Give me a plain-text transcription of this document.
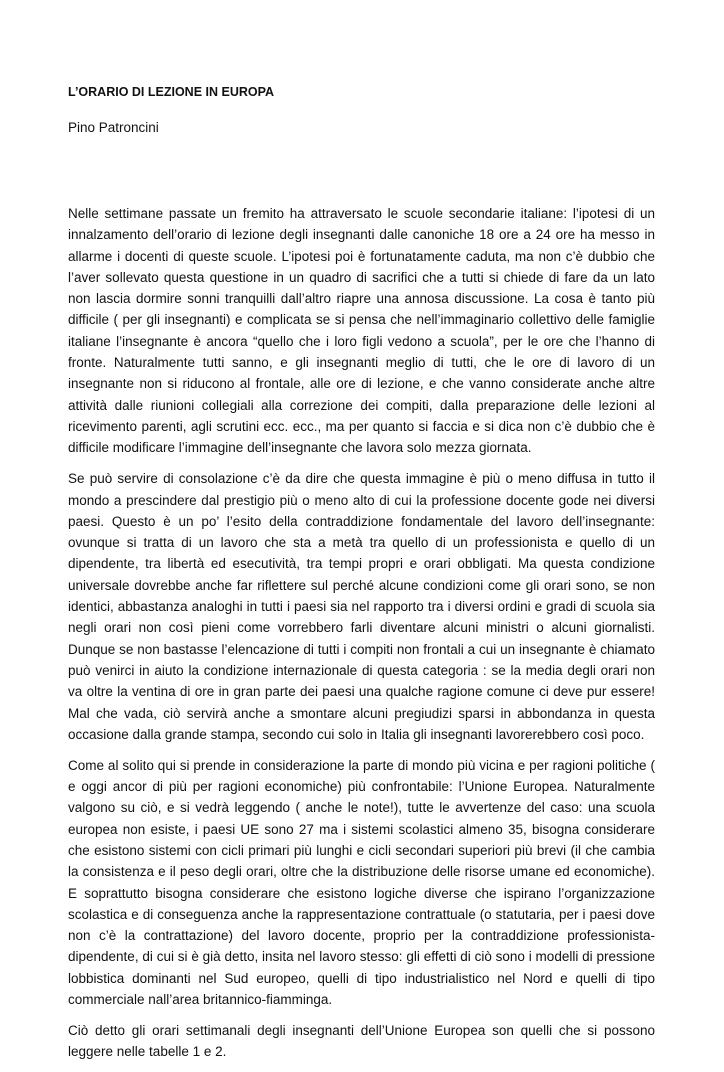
L’ORARIO DI LEZIONE IN EUROPA

Pino Patroncini

Nelle settimane passate un fremito ha attraversato le scuole secondarie italiane: l’ipotesi di un innalzamento dell’orario di lezione degli insegnanti dalle canoniche 18 ore a 24 ore ha messo in allarme i docenti di queste scuole. L’ipotesi poi è fortunatamente caduta, ma non c’è dubbio che l’aver sollevato questa questione in un quadro di sacrifici che a tutti si chiede di fare da un lato non lascia dormire sonni tranquilli dall’altro riapre una annosa discussione. La cosa è tanto più difficile ( per gli insegnanti) e complicata se si pensa che nell’immaginario collettivo delle famiglie italiane l’insegnante è ancora “quello che i loro figli vedono a scuola”, per le ore che l’hanno di fronte. Naturalmente tutti sanno, e gli insegnanti meglio di tutti, che le ore di lavoro di un insegnante non si riducono al frontale, alle ore di lezione, e che vanno considerate anche altre attività dalle riunioni collegiali alla correzione dei compiti, dalla preparazione delle lezioni al ricevimento parenti, agli scrutini ecc. ecc., ma per quanto si faccia e si dica non c’è dubbio che è difficile modificare l’immagine dell’insegnante che lavora solo mezza giornata.

Se può servire di consolazione c’è da dire che questa immagine è più o meno diffusa in tutto il mondo a prescindere dal prestigio più o meno alto di cui la professione docente gode nei diversi paesi. Questo è un po’ l’esito della contraddizione fondamentale del lavoro dell’insegnante: ovunque si tratta di un lavoro che sta a metà tra quello di un professionista e quello di un dipendente, tra libertà ed esecutività, tra tempi propri e orari obbligati. Ma questa condizione universale dovrebbe anche far riflettere sul perché alcune condizioni come gli orari sono, se non identici, abbastanza analoghi in tutti i paesi sia nel rapporto tra i diversi ordini e gradi di scuola sia negli orari non così pieni come vorrebbero farli diventare alcuni ministri o alcuni giornalisti. Dunque se non bastasse l’elencazione di tutti i compiti non frontali a cui un insegnante è chiamato può venirci in aiuto la condizione internazionale di questa categoria : se la media degli orari non va oltre la ventina di ore in gran parte dei paesi una qualche ragione comune ci deve pur essere! Mal che vada, ciò servirà anche a smontare alcuni pregiudizi sparsi in abbondanza in questa occasione dalla grande stampa, secondo cui solo in Italia gli insegnanti lavorerebbero così poco.

Come al solito qui si prende in considerazione la parte di mondo più vicina e per ragioni politiche ( e oggi ancor di più per ragioni economiche) più confrontabile: l’Unione Europea. Naturalmente valgono su ciò, e si vedrà leggendo ( anche le note!), tutte le avvertenze del caso: una scuola europea non esiste, i paesi UE sono 27 ma i sistemi scolastici almeno 35, bisogna considerare che esistono sistemi con cicli primari più lunghi e cicli secondari superiori più brevi (il che cambia la consistenza e il peso degli orari, oltre che la distribuzione delle risorse umane ed economiche). E soprattutto bisogna considerare che esistono logiche diverse che ispirano l’organizzazione scolastica e di conseguenza anche la rappresentazione contrattuale (o statutaria, per i paesi dove non c’è la contrattazione) del lavoro docente, proprio per la contraddizione professionista-dipendente, di cui si è già detto, insita nel lavoro stesso: gli effetti di ciò sono i modelli di pressione lobbistica dominanti nel Sud europeo, quelli di tipo industrialistico nel Nord e quelli di tipo commerciale nall’area britannico-fiamminga.

Ciò detto gli orari settimanali degli insegnanti dell’Unione Europea son quelli che si possono leggere nelle tabelle 1 e 2.
